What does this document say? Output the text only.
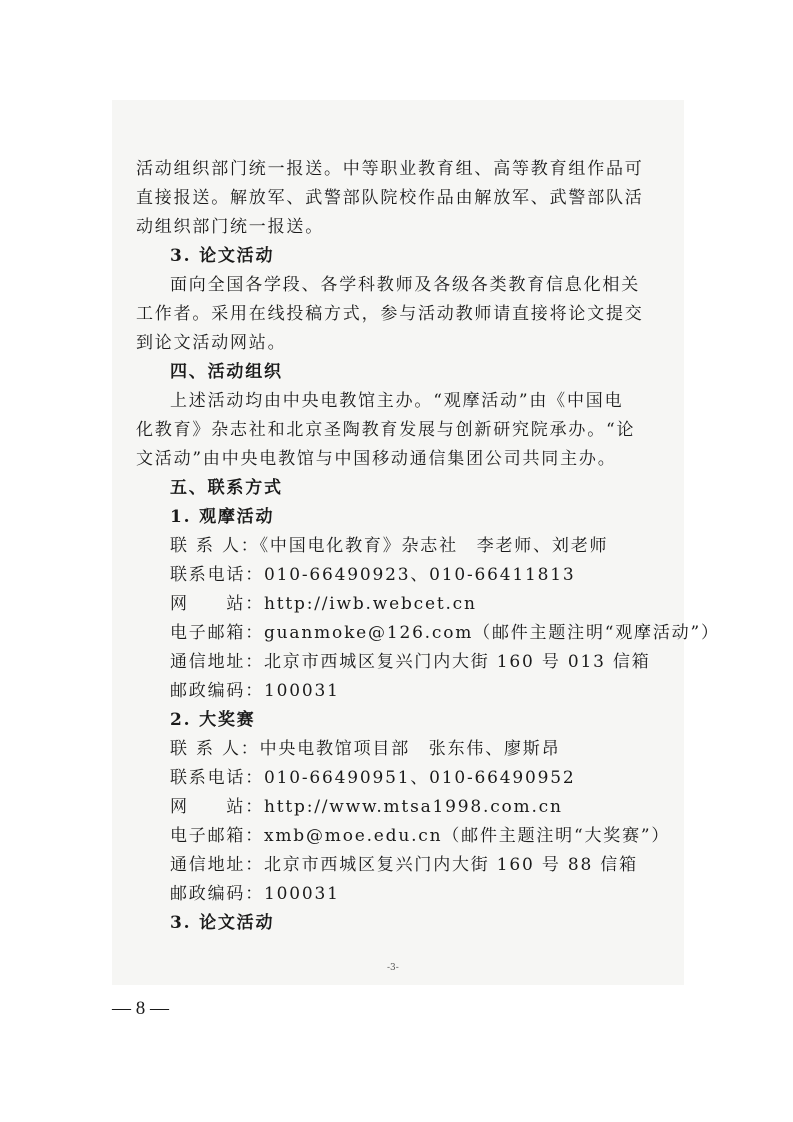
活动组织部门统一报送。中等职业教育组、高等教育组作品可
直接报送。解放军、武警部队院校作品由解放军、武警部队活
动组织部门统一报送。
3. 论文活动
面向全国各学段、各学科教师及各级各类教育信息化相关
工作者。采用在线投稿方式，参与活动教师请直接将论文提交
到论文活动网站。
四、活动组织
上述活动均由中央电教馆主办。“观摩活动”由《中国电
化教育》杂志社和北京圣陶教育发展与创新研究院承办。“论
文活动”由中央电教馆与中国移动通信集团公司共同主办。
五、联系方式
1. 观摩活动
联 系 人：《中国电化教育》杂志社　李老师、刘老师
联系电话：010-66490923、010-66411813
网　　站：http://iwb.webcet.cn
电子邮箱：guanmoke@126.com（邮件主题注明“观摩活动”）
通信地址：北京市西城区复兴门内大街 160 号 013 信箱
邮政编码：100031
2. 大奖赛
联 系 人：中央电教馆项目部　张东伟、廖斯昂
联系电话：010-66490951、010-66490952
网　　站：http://www.mtsa1998.com.cn
电子邮箱：xmb@moe.edu.cn（邮件主题注明“大奖赛”）
通信地址：北京市西城区复兴门内大街 160 号 88 信箱
邮政编码：100031
3. 论文活动
-3-
— 8 —
